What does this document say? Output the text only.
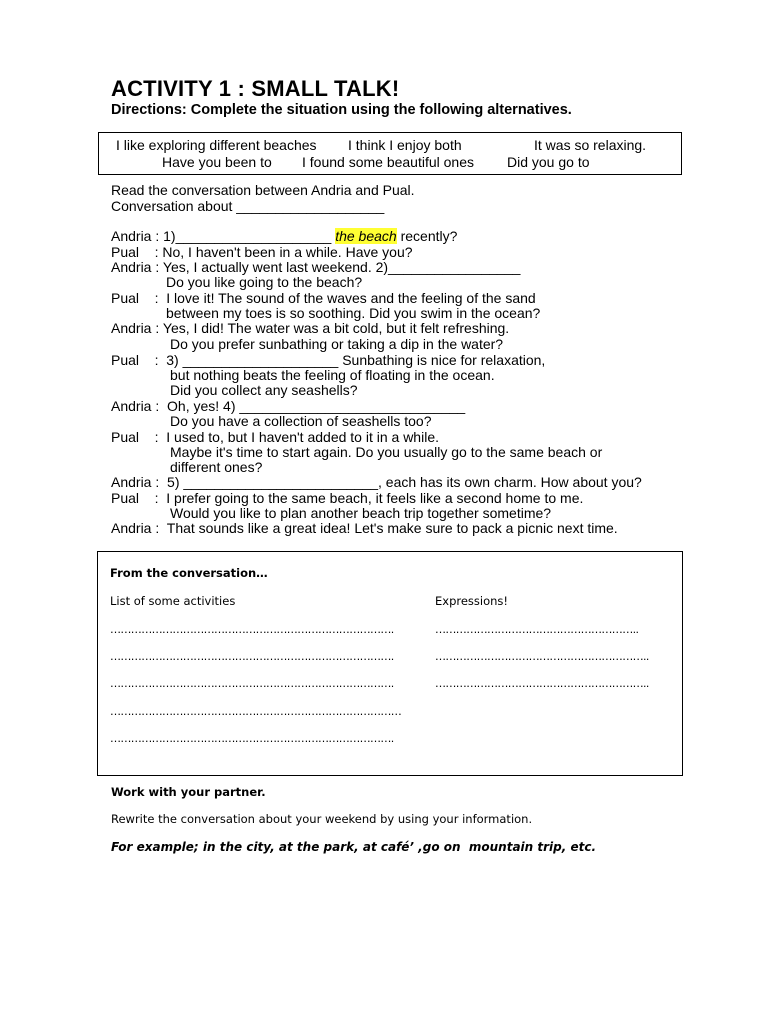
ACTIVITY 1 : SMALL TALK!
Directions: Complete the situation using the following alternatives.
I like exploring different beaches I think I enjoy both	It was so relaxing.
Have you been to I found some beautiful ones Did you go to
Read the conversation between Andria and Pual.
Conversation about ___________________
Andria : 1)____________________ the beach recently?
Pual    : No, I haven't been in a while. Have you?
Andria : Yes, I actually went last weekend. 2)_________________
Do you like going to the beach?
Pual    :  I love it! The sound of the waves and the feeling of the sand
between my toes is so soothing. Did you swim in the ocean?
Andria : Yes, I did! The water was a bit cold, but it felt refreshing.
Do you prefer sunbathing or taking a dip in the water?
Pual    :  3) ____________________ Sunbathing is nice for relaxation,
but nothing beats the feeling of floating in the ocean.
Did you collect any seashells?
Andria :  Oh, yes! 4) _____________________________
Do you have a collection of seashells too?
Pual    :  I used to, but I haven't added to it in a while.
Maybe it's time to start again. Do you usually go to the same beach or
different ones?
Andria :  5) _________________________, each has its own charm. How about you?
Pual    :  I prefer going to the same beach, it feels like a second home to me.
Would you like to plan another beach trip together sometime?
Andria :  That sounds like a great idea! Let's make sure to pack a picnic next time.
From the conversation…
List of some activities	Expressions!
……………………………………………………………………….
……………………………………………………………………….
……………………………………………………………………….
…………………………………………………………………………
……………………………………………………………………….
…………………………………………………..
……………………………………………………..
……………………………………………………..
Work with your partner.
Rewrite the conversation about your weekend by using your information.
For example; in the city, at the park, at café’ ,go on  mountain trip, etc.
